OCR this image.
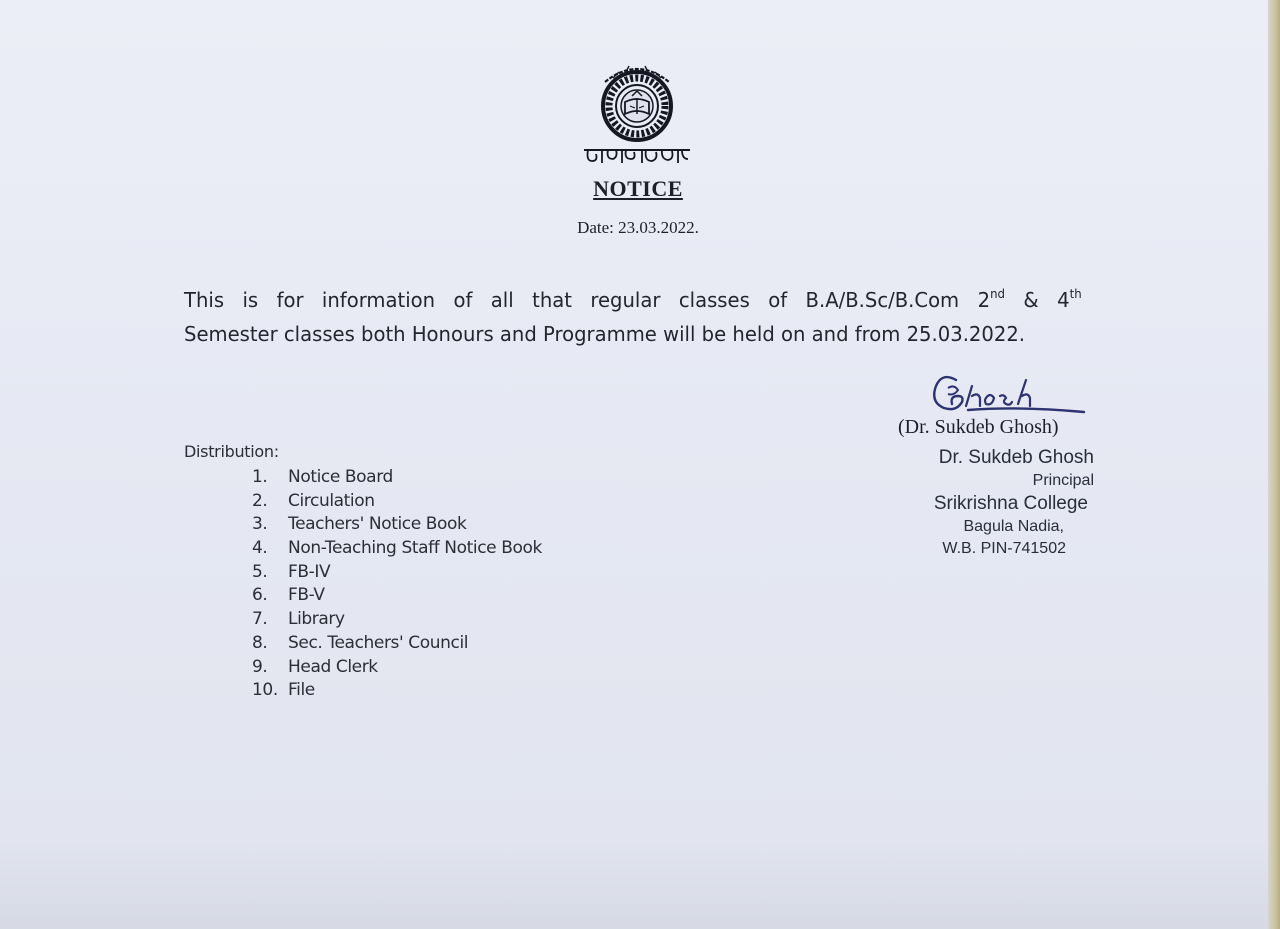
NOTICE
Date: 23.03.2022.
This is for information of all that regular classes of B.A/B.Sc/B.Com 2nd & 4th
Semester classes both Honours and Programme will be held on and from 25.03.2022.
(Dr. Sukdeb Ghosh)
Dr. Sukdeb Ghosh
Principal
Srikrishna College
Bagula Nadia,
W.B. PIN-741502
Distribution:
1. Notice Board
2. Circulation
3. Teachers' Notice Book
4. Non-Teaching Staff Notice Book
5. FB-IV
6. FB-V
7. Library
8. Sec. Teachers' Council
9. Head Clerk
10. File
